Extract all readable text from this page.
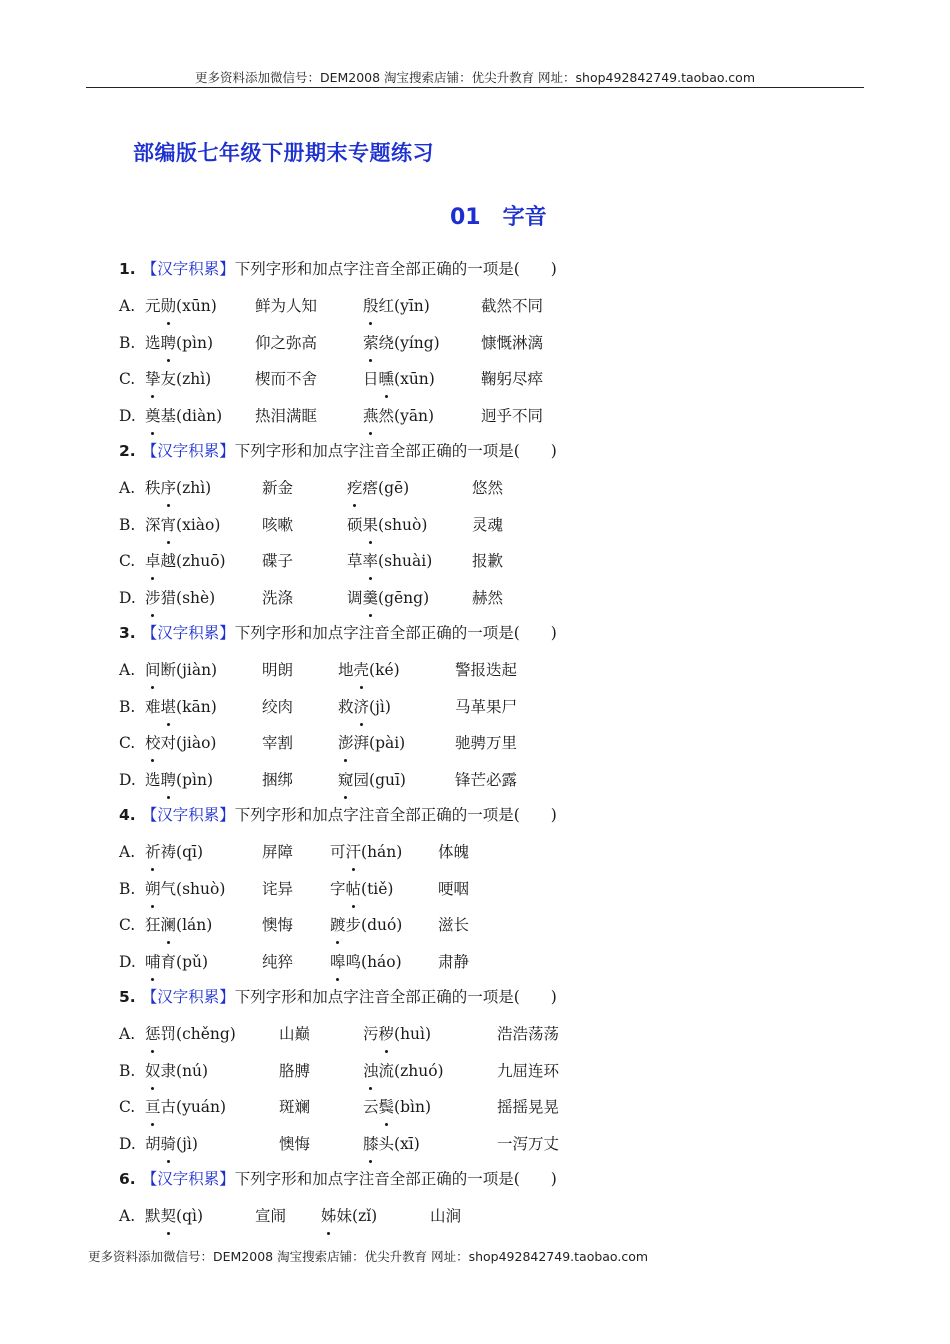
更多资料添加微信号：DEM2008 淘宝搜索店铺：优尖升教育 网址：shop492842749.taobao.com
部编版七年级下册期末专题练习
01　 字音
1. 【汉字积累】下列字形和加点字注音全部正确的一项是(　　)
A. 元勋(xūn) 鲜为人知	殷红(yīn)	截然不同
B. 选聘(pìn)	仰之弥高	萦绕(yíng)	慷慨淋漓
C. 挚友(zhì)	楔而不舍	日曛(xūn)	鞠躬尽瘁
D. 奠基(diàn) 热泪满眶	燕然(yān)	迥乎不同
2. 【汉字积累】下列字形和加点字注音全部正确的一项是(　　)
A. 秩序(zhì)	新金	疙瘩(gē)	悠然
B. 深宵(xiào)	咳嗽	硕果(shuò)	灵魂
C. 卓越(zhuō) 碟子	草率(shuài)	报歉
D. 涉猎(shè)	洗涤	调羹(gēng)	赫然
3. 【汉字积累】下列字形和加点字注音全部正确的一项是(　　)
A. 间断(jiàn)	明朗	地壳(ké)	警报迭起
B. 难堪(kān)	绞肉	救济(jì)	马革果尸
C. 校对(jiào)	宰割	澎湃(pài)	驰骋万里
D. 选聘(pìn)	捆绑	窥园(guī)	锋芒必露
4. 【汉字积累】下列字形和加点字注音全部正确的一项是(　　)
A. 祈祷(qī)	屏障 可汗(hán) 体魄
B. 朔气(shuò) 诧异 字帖(tiě)	哽咽
C. 狂澜(lán)	懊悔 踱步(duó) 滋长
D. 哺育(pǔ)	纯猝 嗥鸣(háo) 肃静
5. 【汉字积累】下列字形和加点字注音全部正确的一项是(　　)
A. 惩罚(chěng)	山巅	污秽(huì)	浩浩荡荡
B. 奴隶(nú)	胳膊	浊流(zhuó)	九屈连环
C. 亘古(yuán)	斑斓	云鬓(bìn)	摇摇晃晃
D. 胡骑(jì)	懊悔	膝头(xī)	一泻万丈
6. 【汉字积累】下列字形和加点字注音全部正确的一项是(　　)
A. 默契(qì)	宣闹 姊妹(zǐ)	山涧
更多资料添加微信号：DEM2008 淘宝搜索店铺：优尖升教育 网址：shop492842749.taobao.com
